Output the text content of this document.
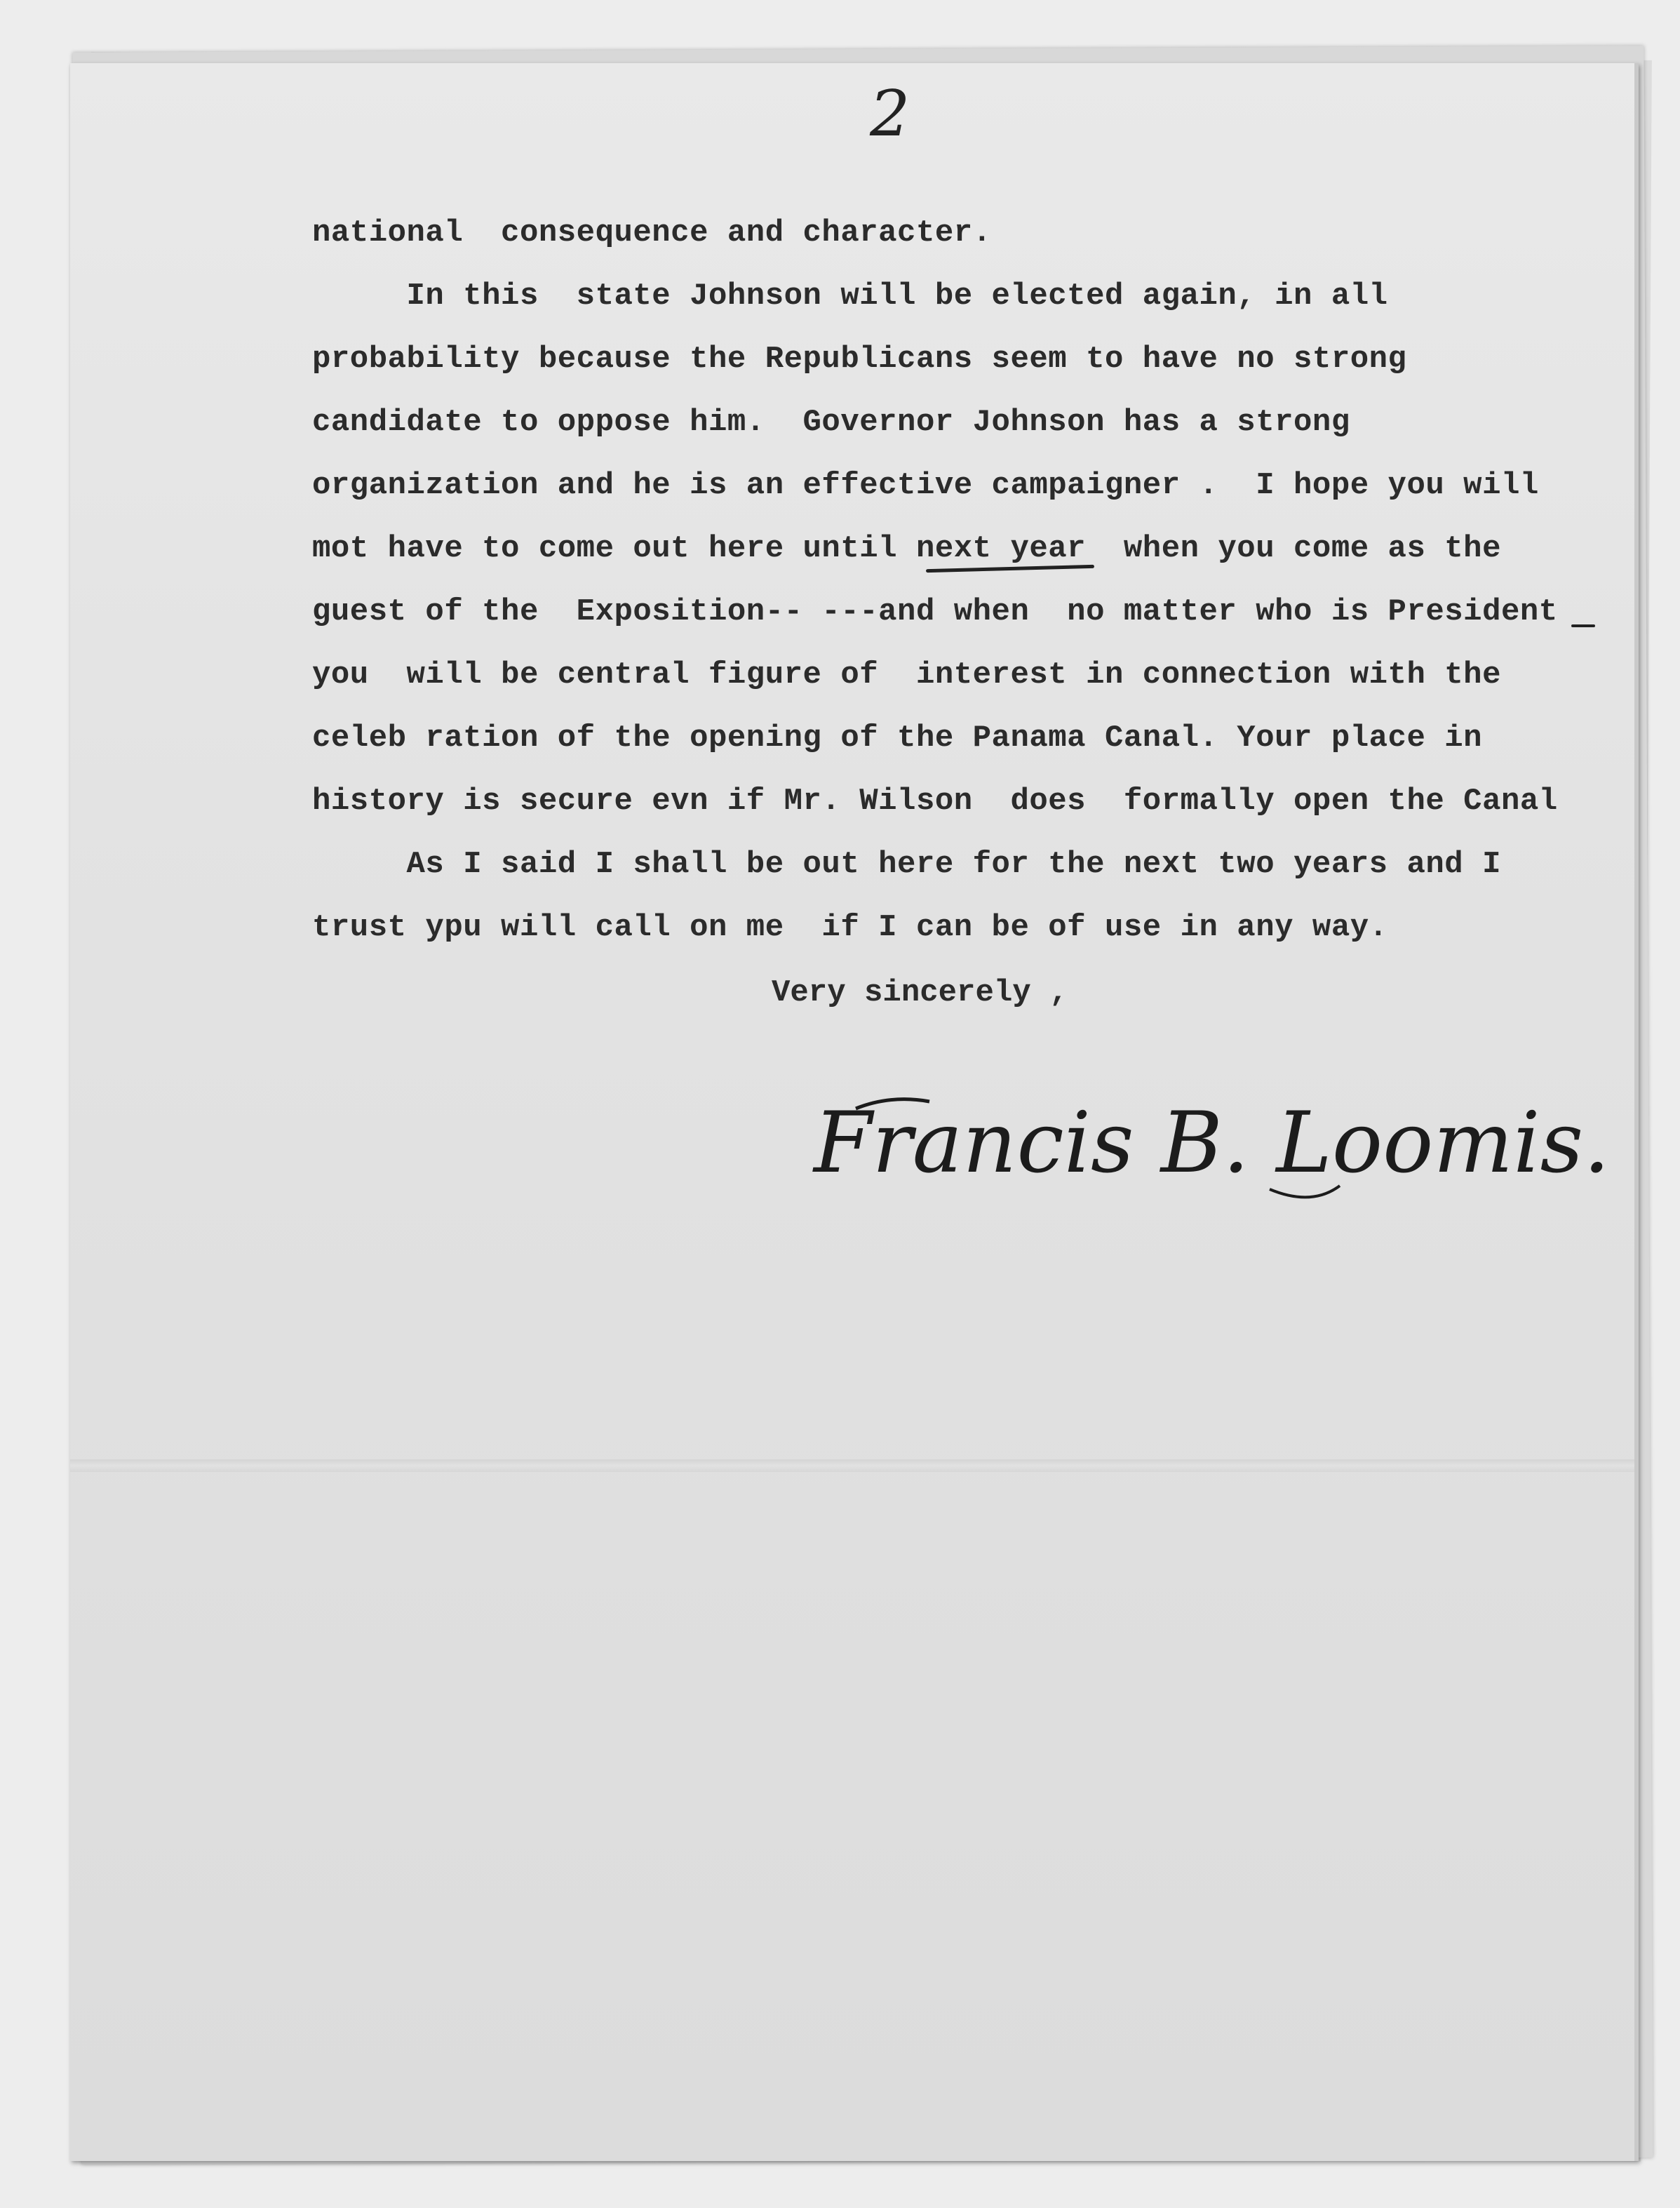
2

national  consequence and character.

In this  state Johnson will be elected again, in all

probability because the Republicans seem to have no strong

candidate to oppose him.  Governor Johnson has a strong

organization and he is an effective campaigner .  I hope you will

mot have to come out here until next year  when you come as the

guest of the  Exposition-- ---and when  no matter who is President

you  will be central figure of  interest in connection with the

celeb ration of the opening of the Panama Canal. Your place in

history is secure evn if Mr. Wilson  does  formally open the Canal

As I said I shall be out here for the next two years and I

trust ypu will call on me  if I can be of use in any way.

Very sincerely ,
Francis B. Loomis.
